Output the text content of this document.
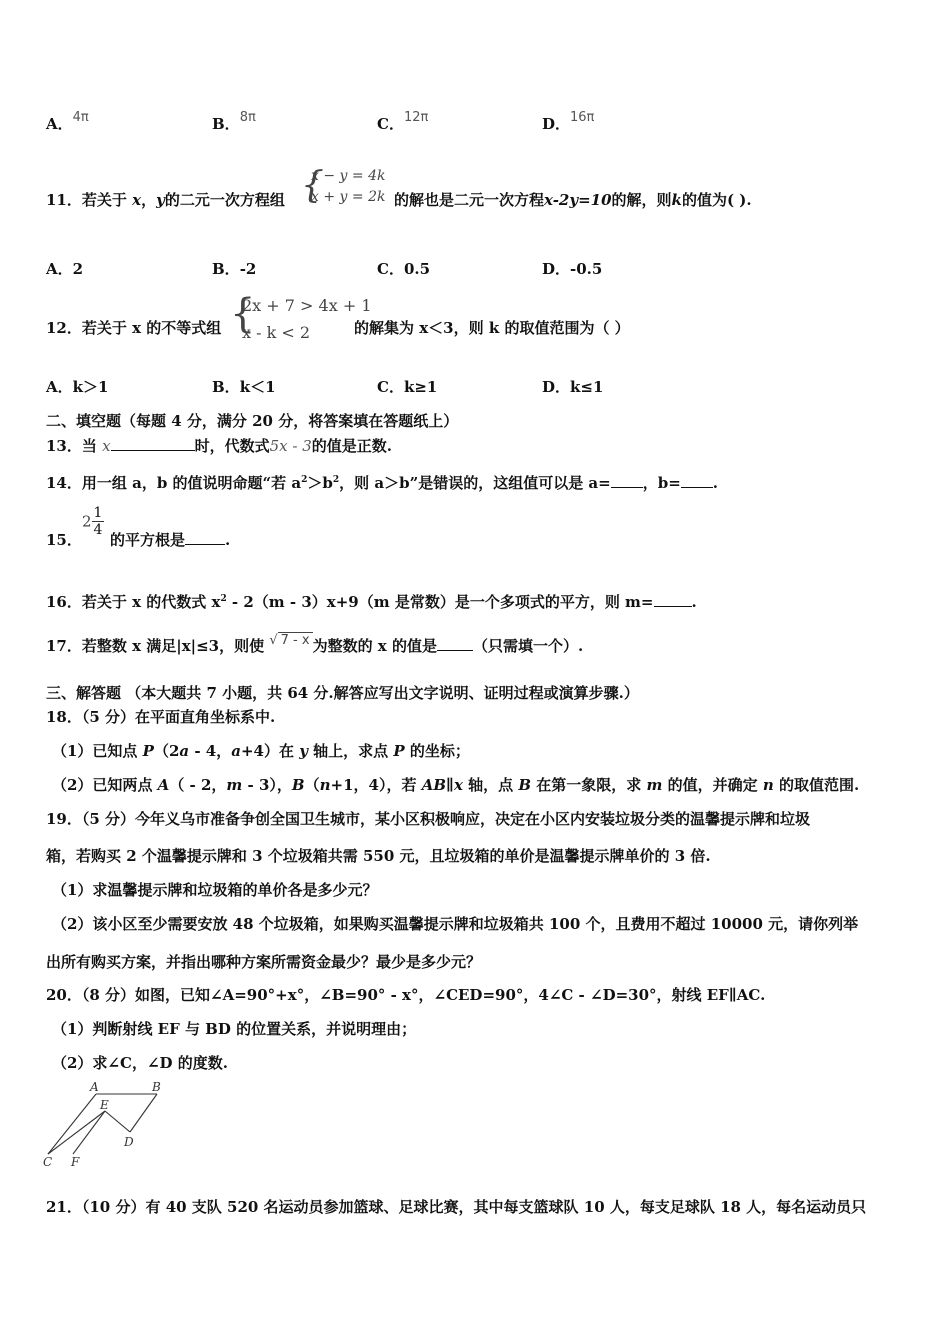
A．4π	B．8π	C．12π	D．16π
11．若关于 x，y的二元一次方程组 {
x − y = 4k
x + y = 2k 的解也是二元一次方程x-2y=10的解，则k的值为( ).
A．2	B．-2	C．0.5	D．-0.5
12．若关于 x 的不等式组 {
2x + 7 > 4x + 1
x - k < 2	的解集为 x＜3，则 k 的取值范围为（ ）
A．k＞1	B．k＜1	C．k≥1	D．k≤1
二、填空题（每题 4 分，满分 20 分，将答案填在答题纸上）
13．当 x	时，代数式5x - 3的值是正数.
14．用一组 a，b 的值说明命题“若 $a^2>b^2$，则 a＞b”是错误的，这组值可以是 a= ，b= .
15．
$2 \frac{1}{4}$
的平方根是	.
16．若关于 x 的代数式 $x^2 - 2(m - 3)x+9(m$ 是常数）是一个多项式的平方，则 m=	.
17．若整数 x 满足|x|≤3，则使 √ 7 - x 为整数的 x 的值是 （只需填一个）.
三、解答题 （本大题共 7 小题，共 64 分.解答应写出文字说明、证明过程或演算步骤.）
18．（5 分）在平面直角坐标系中.
（1）已知点 P（2a - 4，a+4）在 y 轴上，求点 P 的坐标；
（2）已知两点 A（ - 2，m - 3），B（n+1，4），若 AB∥x 轴，点 B 在第一象限，求 m 的值，并确定 n 的取值范围.
19．（5 分）今年义乌市准备争创全国卫生城市，某小区积极响应，决定在小区内安装垃圾分类的温馨提示牌和垃圾
箱，若购买 2 个温馨提示牌和 3 个垃圾箱共需 550 元，且垃圾箱的单价是温馨提示牌单价的 3 倍.
（1）求温馨提示牌和垃圾箱的单价各是多少元？
（2）该小区至少需要安放 48 个垃圾箱，如果购买温馨提示牌和垃圾箱共 100 个，且费用不超过 10000 元，请你列举
出所有购买方案，并指出哪种方案所需资金最少？最少是多少元？
20．（8 分）如图，已知∠A=90°+x°，∠B=90° - x°，∠CED=90°，4∠C - ∠D=30°，射线 EF∥AC.
（1）判断射线 EF 与 BD 的位置关系，并说明理由；
（2）求∠C，∠D 的度数.
A	B
E
D
C F
21．（10 分）有 40 支队 520 名运动员参加篮球、足球比赛，其中每支篮球队 10 人，每支足球队 18 人，每名运动员只
